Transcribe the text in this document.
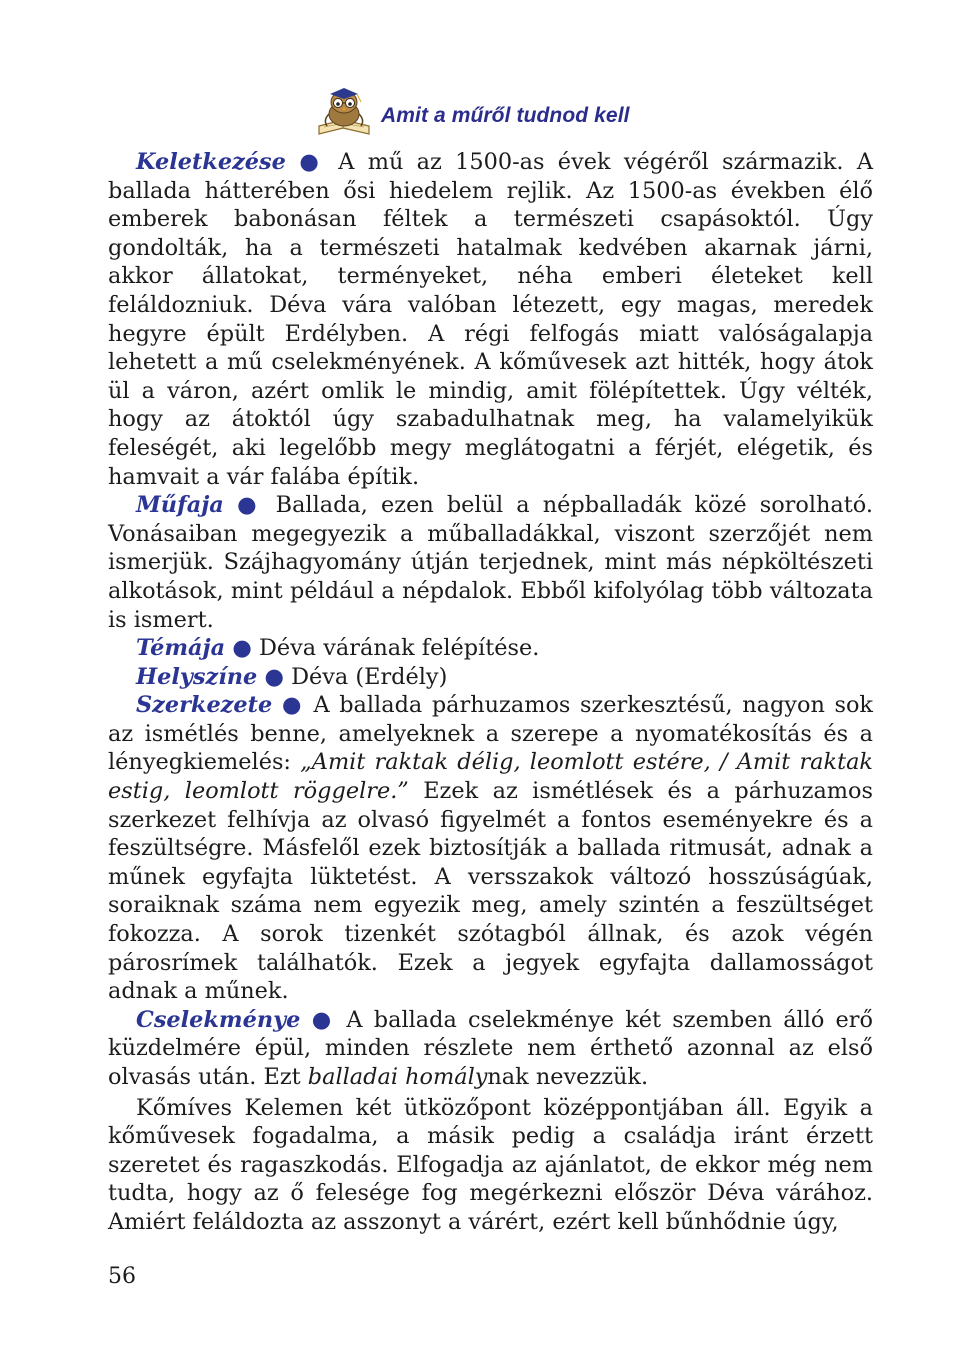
Amit a műről tudnod kell

Keletkezése ● A mű az 1500-as évek végéről származik. A ballada hátterében ősi hiedelem rejlik. Az 1500-as években élő emberek babonásan féltek a természeti csapásoktól. Úgy gondolták, ha a természeti hatalmak kedvében akarnak járni, akkor állatokat, terményeket, néha emberi életeket kell feláldozniuk. Déva vára valóban létezett, egy magas, meredek hegyre épült Erdélyben. A régi felfogás miatt valóságalapja lehetett a mű cselekményének. A kőművesek azt hitték, hogy átok ül a váron, azért omlik le mindig, amit fölépítettek. Úgy vélték, hogy az átoktól úgy szabadulhatnak meg, ha valamelyikük feleségét, aki legelőbb megy meglátogatni a férjét, elégetik, és hamvait a vár falába építik.

Műfaja ● Ballada, ezen belül a népballadák közé sorolható. Vonásaiban megegyezik a műballadákkal, viszont szerzőjét nem ismerjük. Szájhagyomány útján terjednek, mint más népköltészeti alkotások, mint például a népdalok. Ebből kifolyólag több változata is ismert.

Témája ● Déva várának felépítése.

Helyszíne ● Déva (Erdély)

Szerkezete ● A ballada párhuzamos szerkesztésű, nagyon sok az ismétlés benne, amelyeknek a szerepe a nyomatékosítás és a lényegkiemelés: „Amit raktak délig, leomlott estére, / Amit raktak estig, leomlott röggelre.” Ezek az ismétlések és a párhuzamos szerkezet felhívja az olvasó figyelmét a fontos eseményekre és a feszültségre. Másfelől ezek biztosítják a ballada ritmusát, adnak a műnek egyfajta lüktetést. A versszakok változó hosszúságúak, soraiknak száma nem egyezik meg, amely szintén a feszültséget fokozza. A sorok tizenkét szótagból állnak, és azok végén párosrímek találhatók. Ezek a jegyek egyfajta dallamosságot adnak a műnek.

Cselekménye ● A ballada cselekménye két szemben álló erő küzdelmére épül, minden részlete nem érthető azonnal az első olvasás után. Ezt balladai homálynak nevezzük.

Kőmíves Kelemen két ütközőpont középpontjában áll. Egyik a kőművesek fogadalma, a másik pedig a családja iránt érzett szeretet és ragaszkodás. Elfogadja az ajánlatot, de ekkor még nem tudta, hogy az ő felesége fog megérkezni először Déva várához. Amiért feláldozta az asszonyt a várért, ezért kell bűnhődnie úgy,

56
